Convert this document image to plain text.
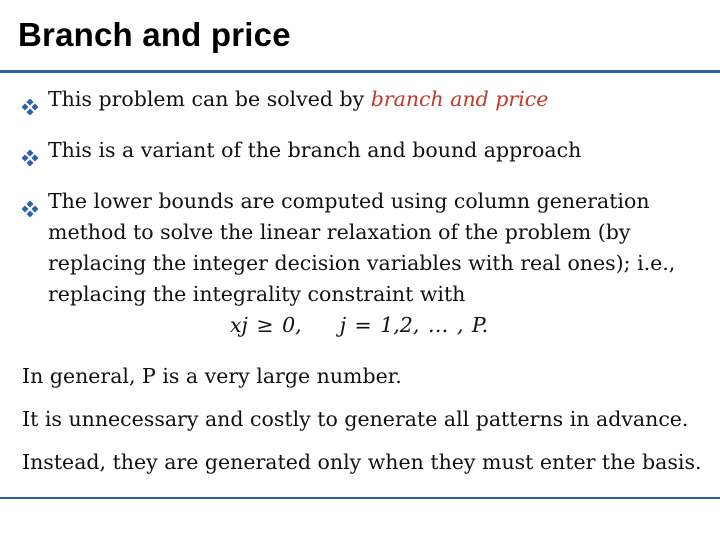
Branch and price
This problem can be solved by branch and price
This is a variant of the branch and bound approach
The lower bounds are computed using column generation method to solve the linear relaxation of the problem (by replacing the integer decision variables with real ones); i.e., replacing the integrality constraint with
xj ≥ 0, j = 1,2, … , P.
In general, P is a very large number.
It is unnecessary and costly to generate all patterns in advance.
Instead, they are generated only when they must enter the basis.
